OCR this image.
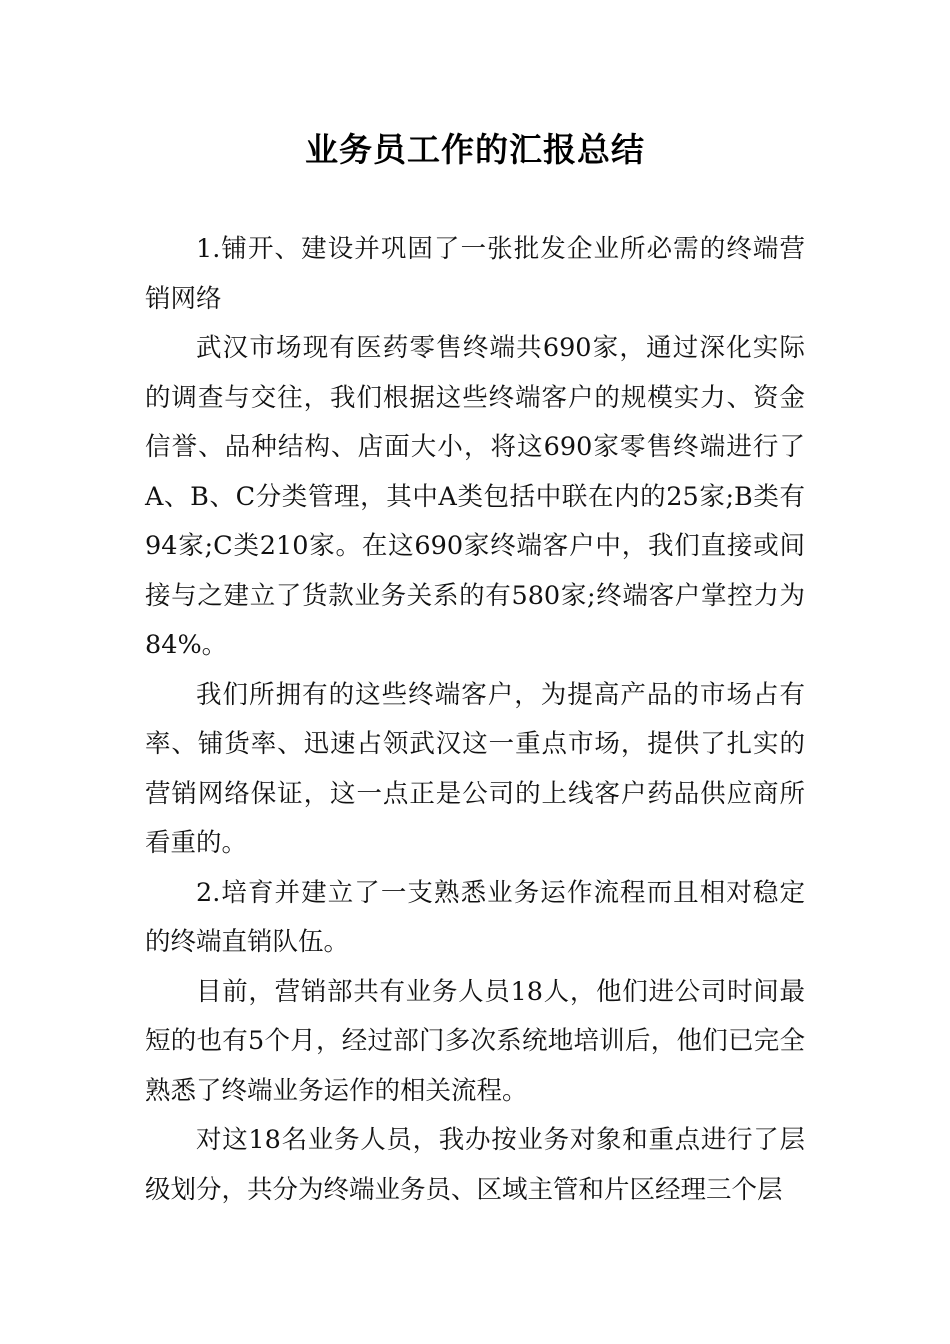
业务员工作的汇报总结

1.铺开、建设并巩固了一张批发企业所必需的终端营销网络

武汉市场现有医药零售终端共690家，通过深化实际的调查与交往，我们根据这些终端客户的规模实力、资金信誉、品种结构、店面大小，将这690家零售终端进行了A、B、C分类管理，其中A类包括中联在内的25家;B类有94家;C类210家。在这690家终端客户中，我们直接或间接与之建立了货款业务关系的有580家;终端客户掌控力为84%。

我们所拥有的这些终端客户，为提高产品的市场占有率、铺货率、迅速占领武汉这一重点市场，提供了扎实的营销网络保证，这一点正是公司的上线客户药品供应商所看重的。

2.培育并建立了一支熟悉业务运作流程而且相对稳定的终端直销队伍。

目前，营销部共有业务人员18人，他们进公司时间最短的也有5个月，经过部门多次系统地培训后，他们已完全熟悉了终端业务运作的相关流程。

对这18名业务人员，我办按业务对象和重点进行了层级划分，共分为终端业务员、区域主管和片区经理三个层
